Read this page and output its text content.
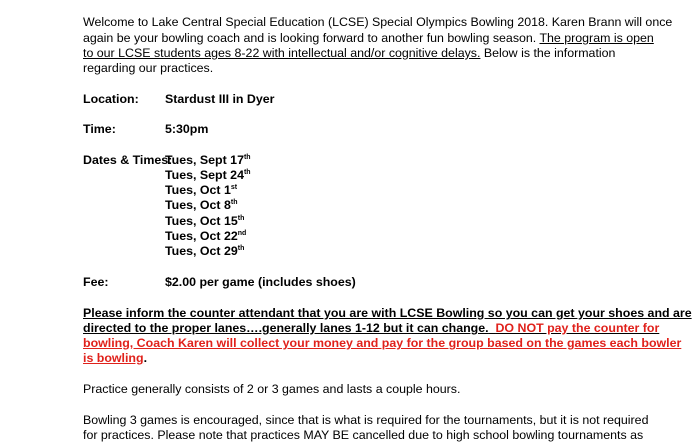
Welcome to Lake Central Special Education (LCSE) Special Olympics Bowling 2018. Karen Brann will once
again be your bowling coach and is looking forward to another fun bowling season. The program is open
to our LCSE students ages 8-22 with intellectual and/or cognitive delays. Below is the information
regarding our practices.
Location: Stardust III in Dyer
Time:	5:30pm
Dates & Times:
Tues, Sept 17th
Tues, Sept 24th
Tues, Oct 1st
Tues, Oct 8th
Tues, Oct 15th
Tues, Oct 22nd
Tues, Oct 29th
Fee:	$2.00 per game (includes shoes)
Please inform the counter attendant that you are with LCSE Bowling so you can get your shoes and are
directed to the proper lanes….generally lanes 1-12 but it can change. DO NOT pay the counter for
bowling, Coach Karen will collect your money and pay for the group based on the games each bowler
is bowling.
Practice generally consists of 2 or 3 games and lasts a couple hours.
Bowling 3 games is encouraged, since that is what is required for the tournaments, but it is not required
for practices. Please note that practices MAY BE cancelled due to high school bowling tournaments as
